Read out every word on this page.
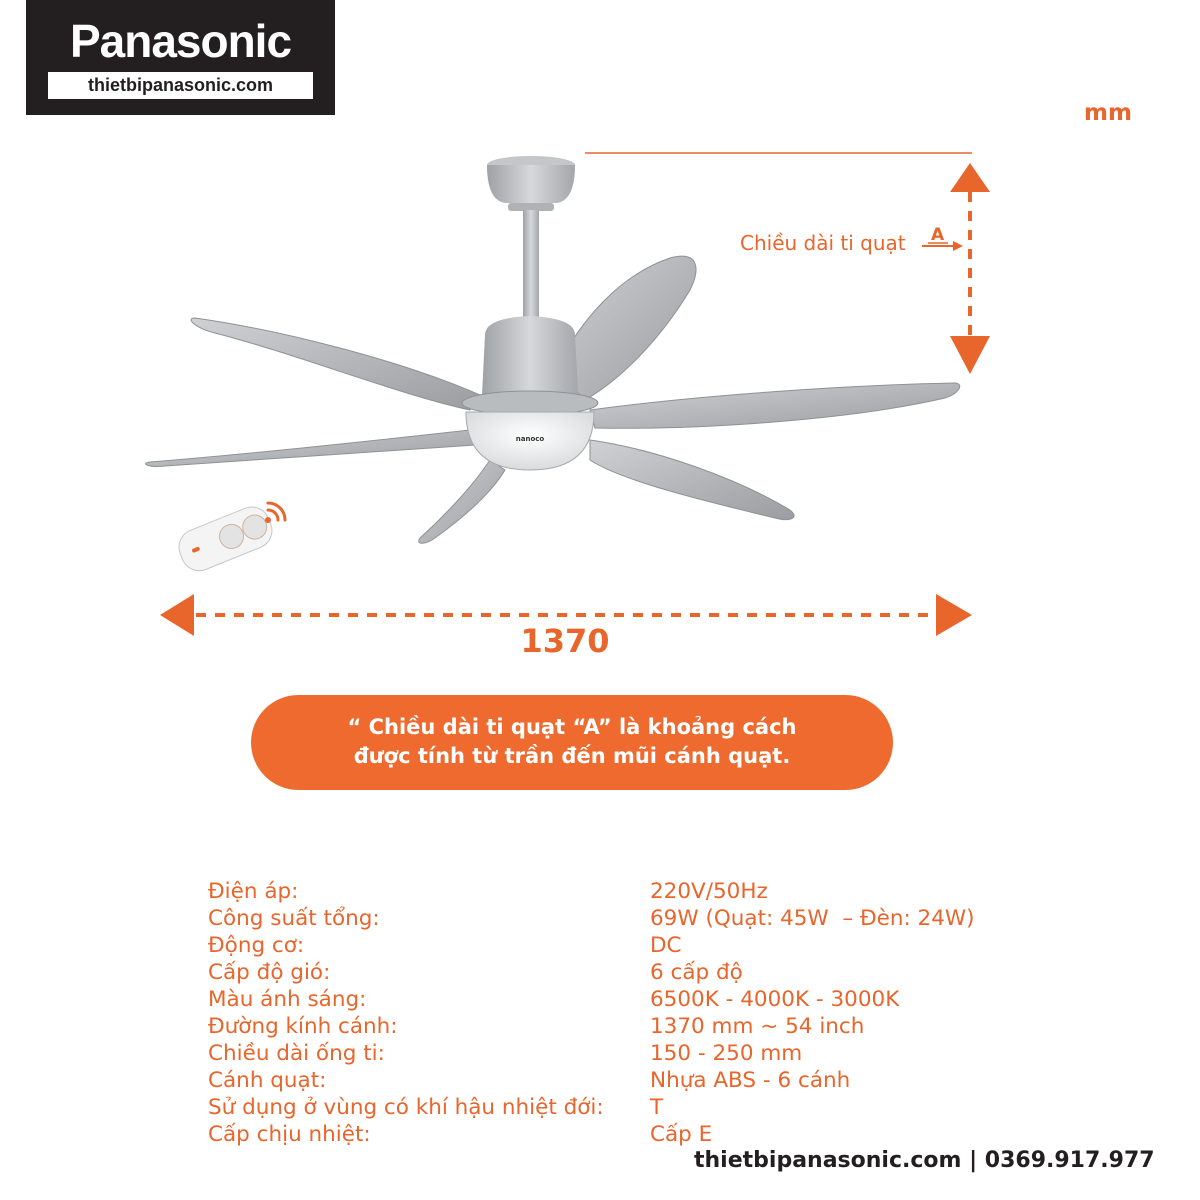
Panasonic
thietbipanasonic.com
mm
nanoco
Chiều dài ti quạt A
1370
“ Chiều dài ti quạt “A” là khoảng cách
được tính từ trần đến mũi cánh quạt.
Điện áp:	220V/50Hz
Công suất tổng:	69W (Quạt: 45W  – Đèn: 24W)
Động cơ:	DC
Cấp độ gió:	6 cấp độ
Màu ánh sáng:	6500K - 4000K - 3000K
Đường kính cánh:	1370 mm ~ 54 inch
Chiều dài ống ti:	150 - 250 mm
Cánh quạt:	Nhựa ABS - 6 cánh
Sử dụng ở vùng có khí hậu nhiệt đới:	T
Cấp chịu nhiệt:	Cấp E
thietbipanasonic.com | 0369.917.977
